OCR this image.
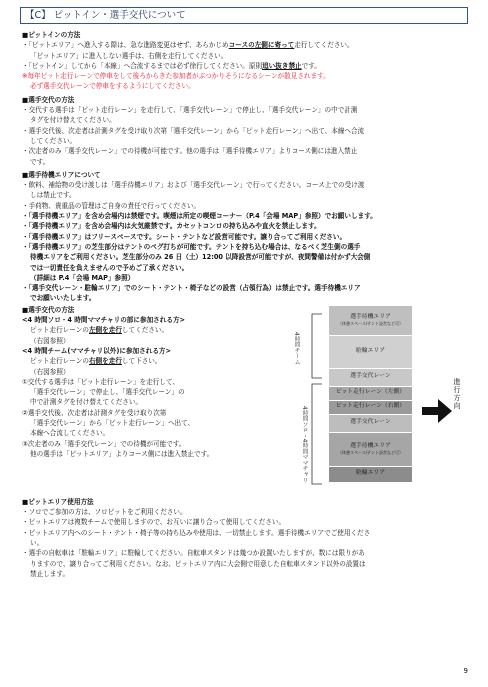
【C】 ピットイン・選手交代について
■ピットインの方法
・「ピットエリア」へ進入する際は、急な進路変更はせず、あらかじめコースの左側に寄って走行してください。
「ピットエリア」に進入しない選手は、右側を走行してください。
・「ピットイン」してから「本線」へ合流するまでは必ず徐行してください。原則追い抜き禁止です。
※毎年ピット走行レーンで停車をして後ろからきた参加者がぶつかりそうになるシーンが散見されます。
必ず選手交代レーンで停車をするようにしてください。
■選手交代の方法
・交代する選手は「ピット走行レーン」を走行して、「選手交代レーン」で停止し、「選手交代レーン」の中で計測
タグを付け替えてください。
・選手交代後、次走者は計測タグを受け取り次第「選手交代レーン」から「ピット走行レーン」へ出て、本線へ合流
してください。
・次走者のみ「選手交代レーン」での待機が可能です。他の選手は「選手待機エリア」よりコース側には進入禁止
です。
■選手待機エリアについて
・飲料、補給物の受け渡しは「選手待機エリア」および「選手交代レーン」で行ってください。コース上での受け渡
しは禁止です。
・手荷物、貴重品の管理はご自身の責任で行ってください。
・「選手待機エリア」を含め会場内は禁煙です。喫煙は所定の喫煙コーナー（P.4「会場 MAP」参照）でお願いします。
・「選手待機エリア」を含め会場内は火気厳禁です。カセットコンロの持ち込みや直火を禁止します。
・「選手待機エリア」はフリースペースです。シート・テントなど設営可能です。譲り合ってご利用ください。
・「選手待機エリア」の芝生部分はテントのペグ打ちが可能です。テントを持ち込む場合は、なるべく芝生側の選手
待機エリアをご利用ください。芝生部分のみ 26 日（土）12:00 以降設営が可能ですが、夜間警備は付かず大会側
では一切責任を負えませんので予めご了承ください。
（詳細は P.4「会場 MAP」参照）
・「選手交代レーン・駐輪エリア」でのシート・テント・椅子などの設営（占領行為）は禁止です。選手待機エリア
でお願いいたします。
■選手交代の方法
<4 時間ソロ・4 時間ママチャリの部に参加される方>
ピット走行レーンの左側を走行してください。
（右図参照）
<4 時間チーム(ママチャリ以外)に参加される方>
ピット走行レーンの右側を走行して下さい。
（右図参照）
①交代する選手は「ピット走行レーン」を走行して、
「選手交代レーン」で停止し、「選手交代レーン」の
中で計測タグを付け替えてください。
②選手交代後、次走者は計測タグを受け取り次第
「選手交代レーン」から「ピット走行レーン」へ出て、
本線へ合流してください。
③次走者のみ「選手交代レーン」での待機が可能です。
他の選手は「ピットエリア」よりコース側には進入禁止です。
4時間チーム
4時間ソロ・4時間ママチャリ
選手待機エリア
（休憩スペース/テント設営など可）
駐輪エリア
選手交代レーン
ピット走行レーン（左側）
ピット走行レーン（右側）
選手交代レーン
選手待機エリア
（休憩スペース/テント設営など可）
駐輪エリア
進行方向
■ピットエリア使用方法
・ソロでご参加の方は、ソロピットをご利用ください。
・ピットエリアは複数チームで使用しますので、お互いに譲り合って使用してください。
・ピットエリア内へのシート・テント・椅子等の持ち込みや使用は、一切禁止します。選手待機エリアでご使用くださ
い。
・選手の自転車は「駐輪エリア」に駐輪してください。自転車スタンドは幾つか設置いたしますが、数には限りがあ
りますので、譲り合ってご利用ください。なお、ピットエリア内に大会側で用意した自転車スタンド以外の設置は
禁止します。
9
